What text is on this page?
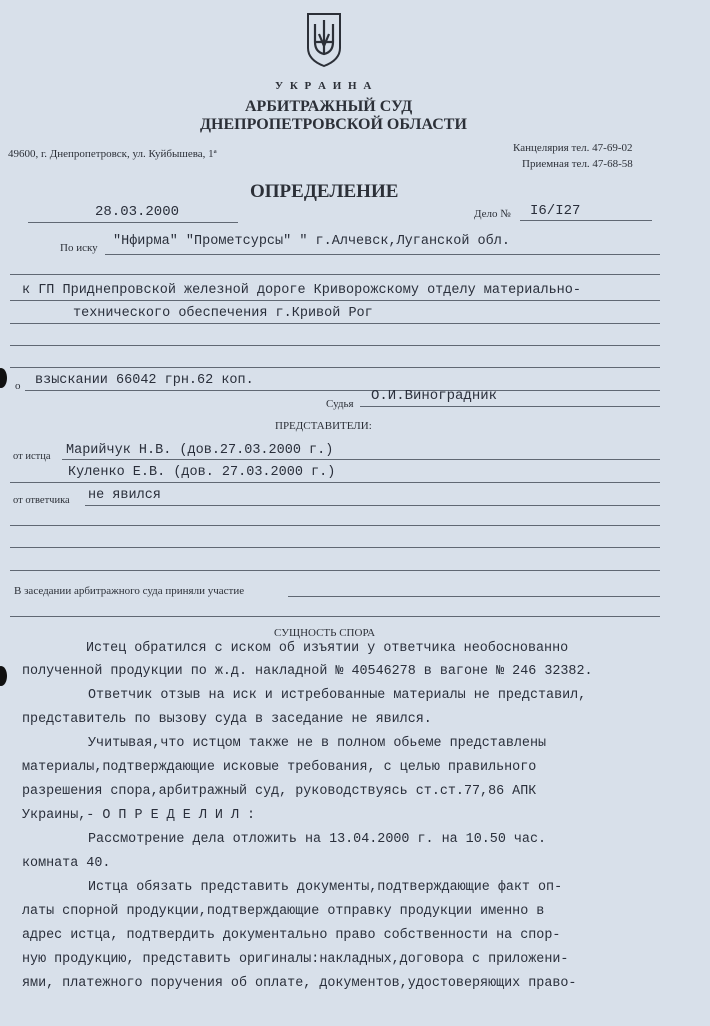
У К Р А И Н А
АРБИТРАЖНЫЙ СУД
ДНЕПРОПЕТРОВСКОЙ ОБЛАСТИ
49600, г. Днепропетровск, ул. Куйбышева, 1ª	Канцелярия тел. 47-69-02
Приемная тел. 47-68-58
ОПРЕДЕЛЕНИЕ
28.03.2000	Дело № I6/I27
По иску "Нфирма" "Прометсурсы" " г.Алчевск,Луганской обл.
к ГП Приднепровской железной дороге Криворожскому отделу материально-
технического обеспечения г.Кривой Рог
о взыскании 66042 грн.62 коп.
Судья О.И.Виноградник
ПРЕДСТАВИТЕЛИ:
от истца Марийчук Н.В. (дов.27.03.2000 г.)
Куленко Е.В. (дов. 27.03.2000 г.)
от ответчика не явился
В заседании арбитражного суда приняли участие
СУЩНОСТЬ СПОРА
Истец обратился с иском об изъятии у ответчика необоснованно
полученной продукции по ж.д. накладной № 40546278 в вагоне № 246 32382.
Ответчик отзыв на иск и истребованные материалы не представил,
представитель по вызову суда в заседание не явился.
Учитывая,что истцом также не в полном обьеме представлены
материалы,подтверждающие исковые требования, с целью правильного
разрешения спора,арбитражный суд, руководствуясь ст.ст.77,86 АПК
Украины,- О П Р Е Д Е Л И Л :
Рассмотрение дела отложить на 13.04.2000 г. на 10.50 час.
комната 40.
Истца обязать представить документы,подтверждающие факт оп-
латы спорной продукции,подтверждающие отправку продукции именно в
адрес истца, подтвердить документально право собственности на спор-
ную продукцию, представить оригиналы:накладных,договора с приложени-
ями, платежного поручения об оплате, документов,удостоверяющих право-
